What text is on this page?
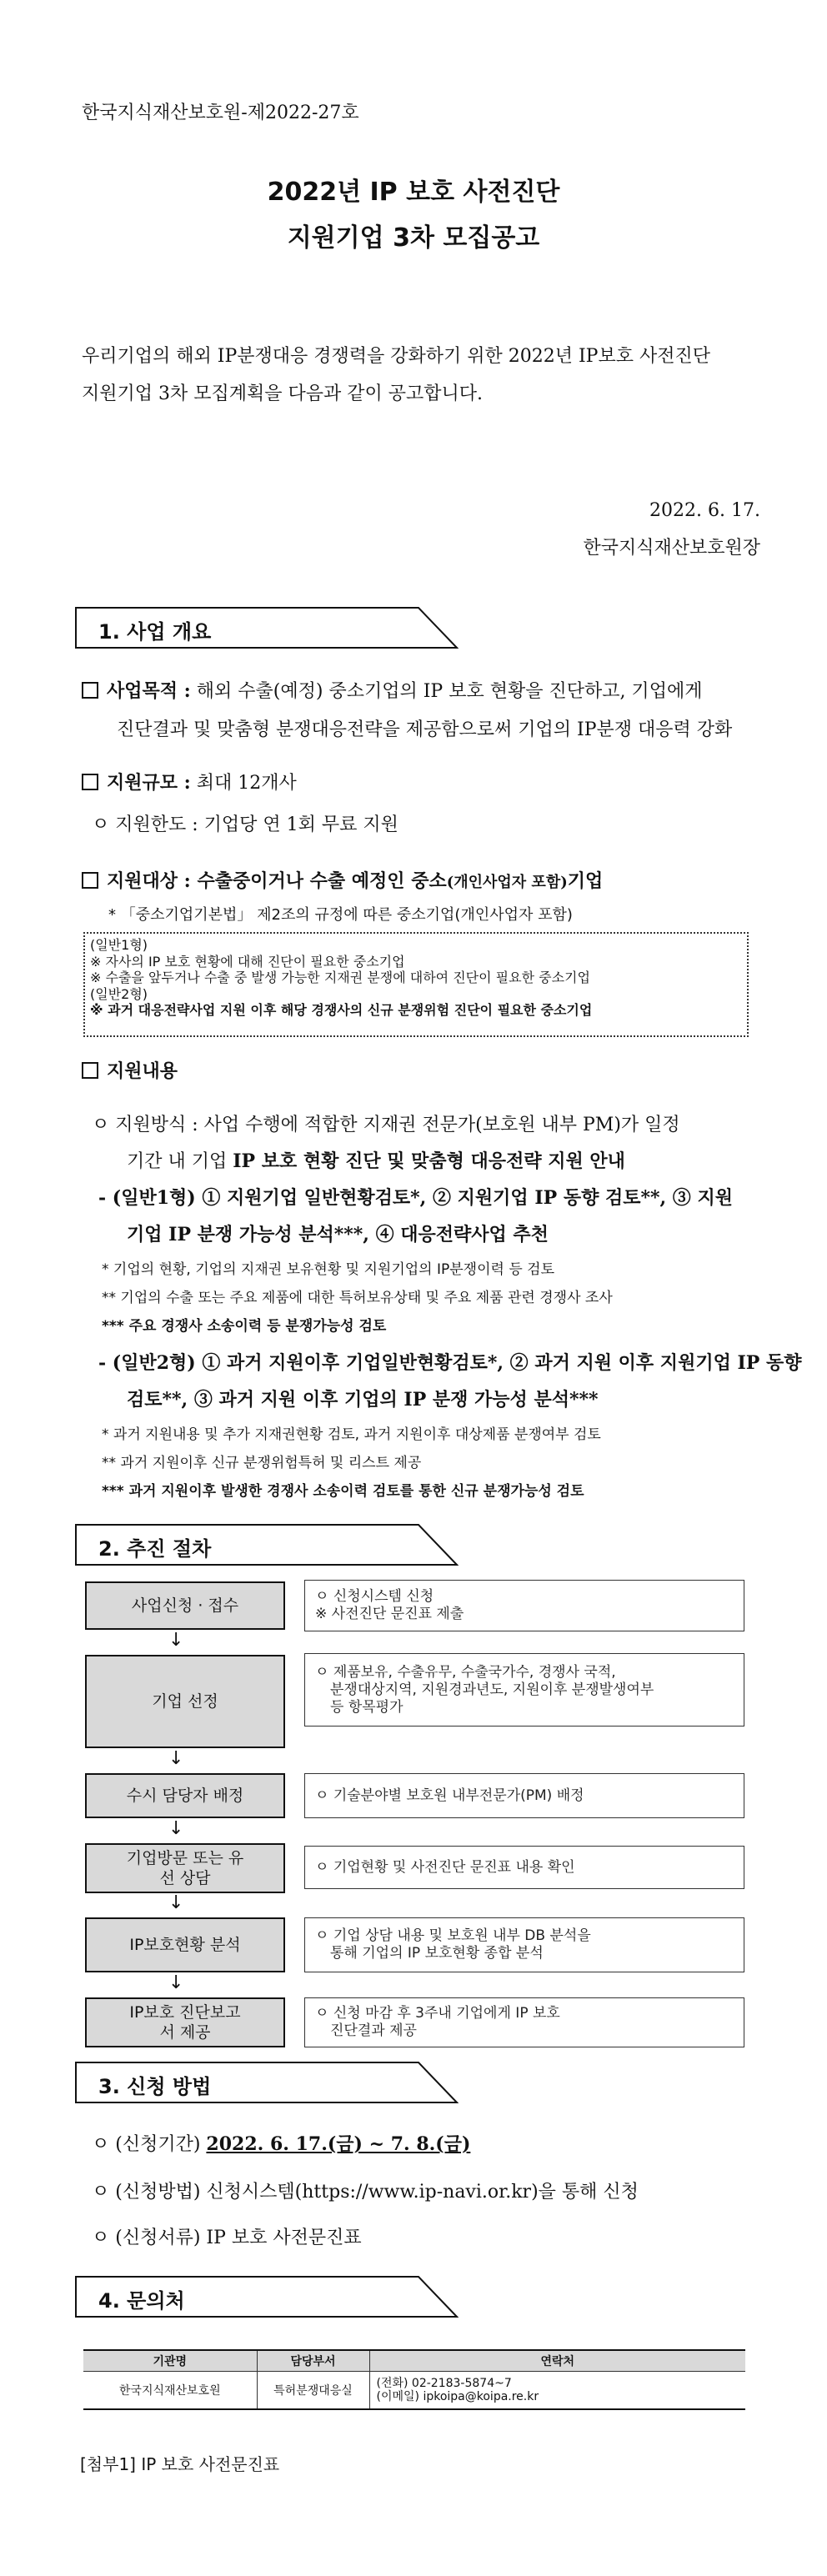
한국지식재산보호원-제2022-27호
2022년 IP 보호 사전진단
지원기업 3차 모집공고
우리기업의 해외 IP분쟁대응 경쟁력을 강화하기 위한 2022년 IP보호 사전진단
지원기업 3차 모집계획을 다음과 같이 공고합니다.
2022. 6. 17.
한국지식재산보호원장
1. 사업 개요
사업목적 : 해외 수출(예정) 중소기업의 IP 보호 현황을 진단하고, 기업에게
진단결과 및 맞춤형 분쟁대응전략을 제공함으로써 기업의 IP분쟁 대응력 강화
지원규모 : 최대 12개사
ㅇ 지원한도 : 기업당 연 1회 무료 지원
지원대상 : 수출중이거나 수출 예정인 중소(개인사업자 포함)기업
* 「중소기업기본법」 제2조의 규정에 따른 중소기업(개인사업자 포함)
(일반1형)
※ 자사의 IP 보호 현황에 대해 진단이 필요한 중소기업
※ 수출을 앞두거나 수출 중 발생 가능한 지재권 분쟁에 대하여 진단이 필요한 중소기업
(일반2형)
※ 과거 대응전략사업 지원 이후 해당 경쟁사의 신규 분쟁위험 진단이 필요한 중소기업
지원내용
ㅇ 지원방식 : 사업 수행에 적합한 지재권 전문가(보호원 내부 PM)가 일정
기간 내 기업 IP 보호 현황 진단 및 맞춤형 대응전략 지원 안내
- (일반1형) ① 지원기업 일반현황검토*, ② 지원기업 IP 동향 검토**, ③ 지원
기업 IP 분쟁 가능성 분석***, ④ 대응전략사업 추천
* 기업의 현황, 기업의 지재권 보유현황 및 지원기업의 IP분쟁이력 등 검토
** 기업의 수출 또는 주요 제품에 대한 특허보유상태 및 주요 제품 관련 경쟁사 조사
*** 주요 경쟁사 소송이력 등 분쟁가능성 검토
- (일반2형) ① 과거 지원이후 기업일반현황검토*, ② 과거 지원 이후 지원기업 IP 동향
검토**, ③ 과거 지원 이후 기업의 IP 분쟁 가능성 분석***
* 과거 지원내용 및 추가 지재권현황 검토, 과거 지원이후 대상제품 분쟁여부 검토
** 과거 지원이후 신규 분쟁위험특허 및 리스트 제공
*** 과거 지원이후 발생한 경쟁사 소송이력 검토를 통한 신규 분쟁가능성 검토
2. 추진 절차
사업신청 · 접수	ㅇ 신청시스템 신청
※ 사전진단 문진표 제출
↓
기업 선정
ㅇ 제품보유, 수출유무, 수출국가수, 경쟁사 국적,
분쟁대상지역, 지원경과년도, 지원이후 분쟁발생여부
등 항목평가
↓
수시 담당자 배정	ㅇ 기술분야별 보호원 내부전문가(PM) 배정
↓
기업방문 또는 유선 상담
ㅇ 기업현황 및 사전진단 문진표 내용 확인
↓
IP보호현황 분석	ㅇ 기업 상담 내용 및 보호원 내부 DB 분석을
통해 기업의 IP 보호현황 종합 분석
↓
IP보호 진단보고서 제공
ㅇ 신청 마감 후 3주내 기업에게 IP 보호
진단결과 제공
3. 신청 방법
ㅇ (신청기간) 2022. 6. 17.(금) ~ 7. 8.(금)
ㅇ (신청방법) 신청시스템(https://www.ip-navi.or.kr)을 통해 신청
ㅇ (신청서류) IP 보호 사전문진표
4. 문의처
기관명	담당부서	연락처
한국지식재산보호원	특허분쟁대응실	(전화) 02-2183-5874~7
(이메일) ipkoipa@koipa.re.kr
[첨부1] IP 보호 사전문진표
